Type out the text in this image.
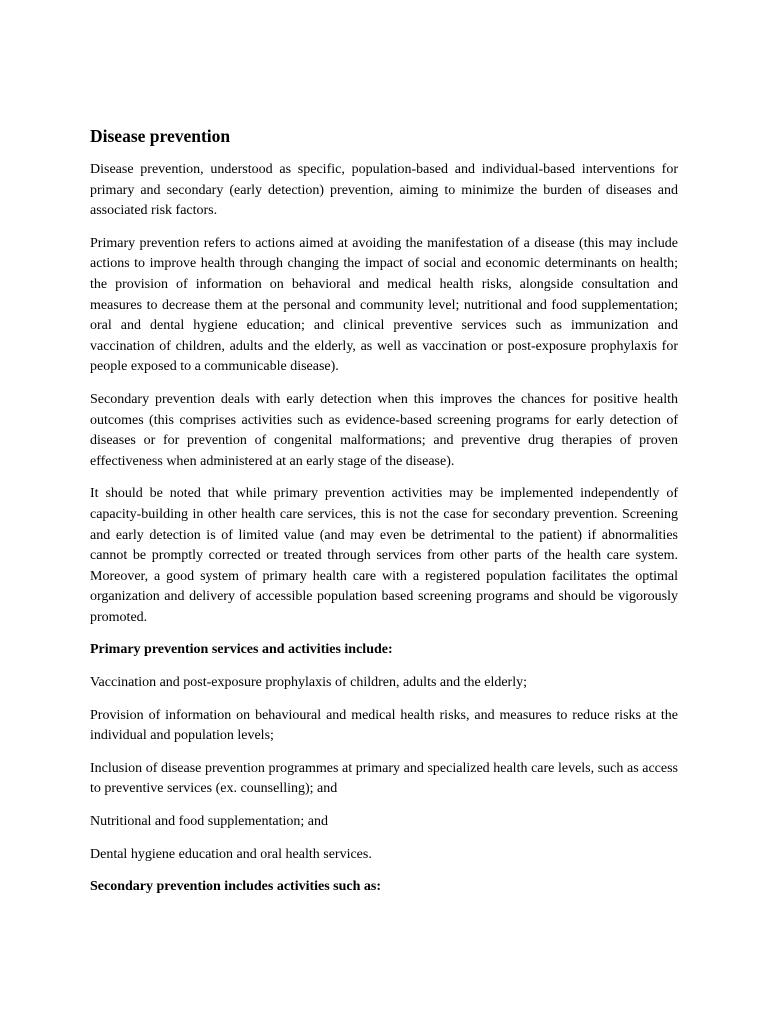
Disease prevention

Disease prevention, understood as specific, population-based and individual-based interventions for primary and secondary (early detection) prevention, aiming to minimize the burden of diseases and associated risk factors.

Primary prevention refers to actions aimed at avoiding the manifestation of a disease (this may include actions to improve health through changing the impact of social and economic determinants on health; the provision of information on behavioral and medical health risks, alongside consultation and measures to decrease them at the personal and community level; nutritional and food supplementation; oral and dental hygiene education; and clinical preventive services such as immunization and vaccination of children, adults and the elderly, as well as vaccination or post-exposure prophylaxis for people exposed to a communicable disease).

Secondary prevention deals with early detection when this improves the chances for positive health outcomes (this comprises activities such as evidence-based screening programs for early detection of diseases or for prevention of congenital malformations; and preventive drug therapies of proven effectiveness when administered at an early stage of the disease).

It should be noted that while primary prevention activities may be implemented independently of capacity-building in other health care services, this is not the case for secondary prevention. Screening and early detection is of limited value (and may even be detrimental to the patient) if abnormalities cannot be promptly corrected or treated through services from other parts of the health care system. Moreover, a good system of primary health care with a registered population facilitates the optimal organization and delivery of accessible population based screening programs and should be vigorously promoted.

Primary prevention services and activities include:

Vaccination and post-exposure prophylaxis of children, adults and the elderly;

Provision of information on behavioural and medical health risks, and measures to reduce risks at the individual and population levels;

Inclusion of disease prevention programmes at primary and specialized health care levels, such as access to preventive services (ex. counselling); and

Nutritional and food supplementation; and

Dental hygiene education and oral health services.

Secondary prevention includes activities such as:
